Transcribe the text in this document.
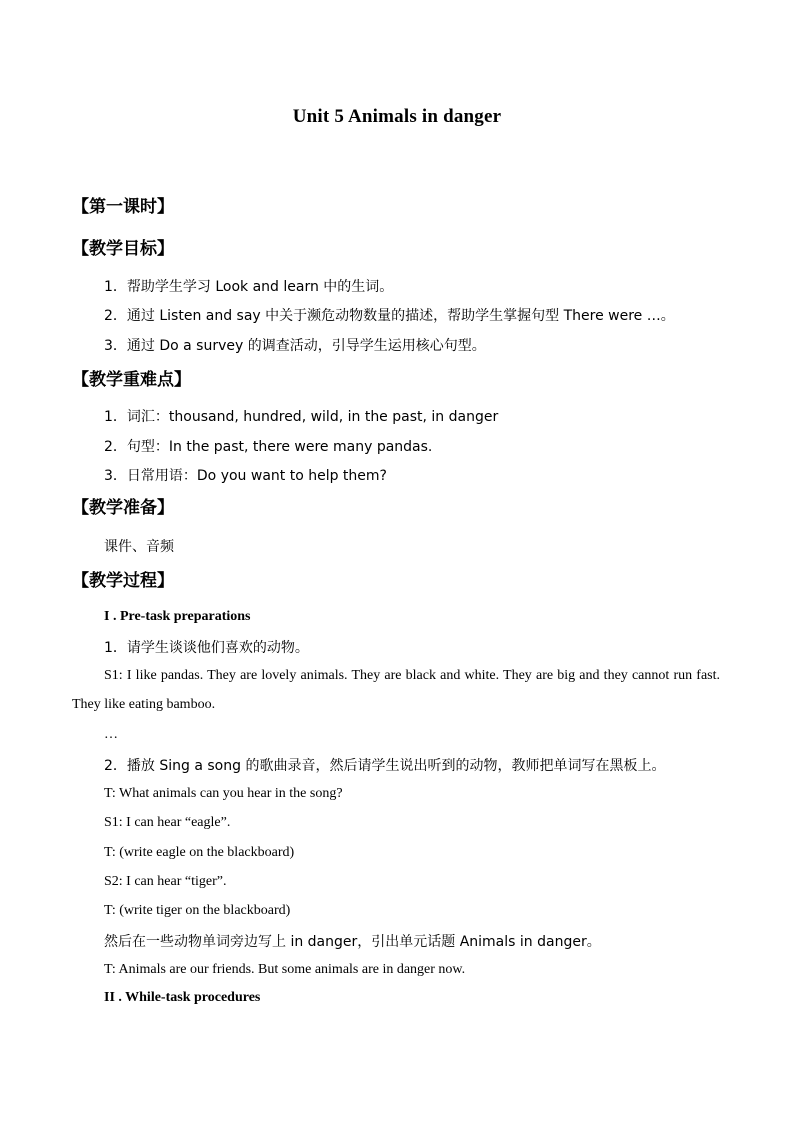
Unit 5 Animals in danger
【第一课时】
【教学目标】
1．帮助学生学习 Look and learn 中的生词。
2．通过 Listen and say 中关于濒危动物数量的描述，帮助学生掌握句型 There were …。
3．通过 Do a survey 的调查活动，引导学生运用核心句型。
【教学重难点】
1．词汇：thousand, hundred, wild, in the past, in danger
2．句型：In the past, there were many pandas.
3．日常用语：Do you want to help them?
【教学准备】
课件、音频
【教学过程】
I . Pre-task preparations
1．请学生谈谈他们喜欢的动物。
S1: I like pandas. They are lovely animals. They are black and white. They are big and they cannot run fast. They like eating bamboo.
…
2．播放 Sing a song 的歌曲录音，然后请学生说出听到的动物，教师把单词写在黑板上。
T: What animals can you hear in the song?
S1: I can hear “eagle”.
T: (write eagle on the blackboard)
S2: I can hear “tiger”.
T: (write tiger on the blackboard)
然后在一些动物单词旁边写上 in danger，引出单元话题 Animals in danger。
T: Animals are our friends. But some animals are in danger now.
II . While-task procedures
